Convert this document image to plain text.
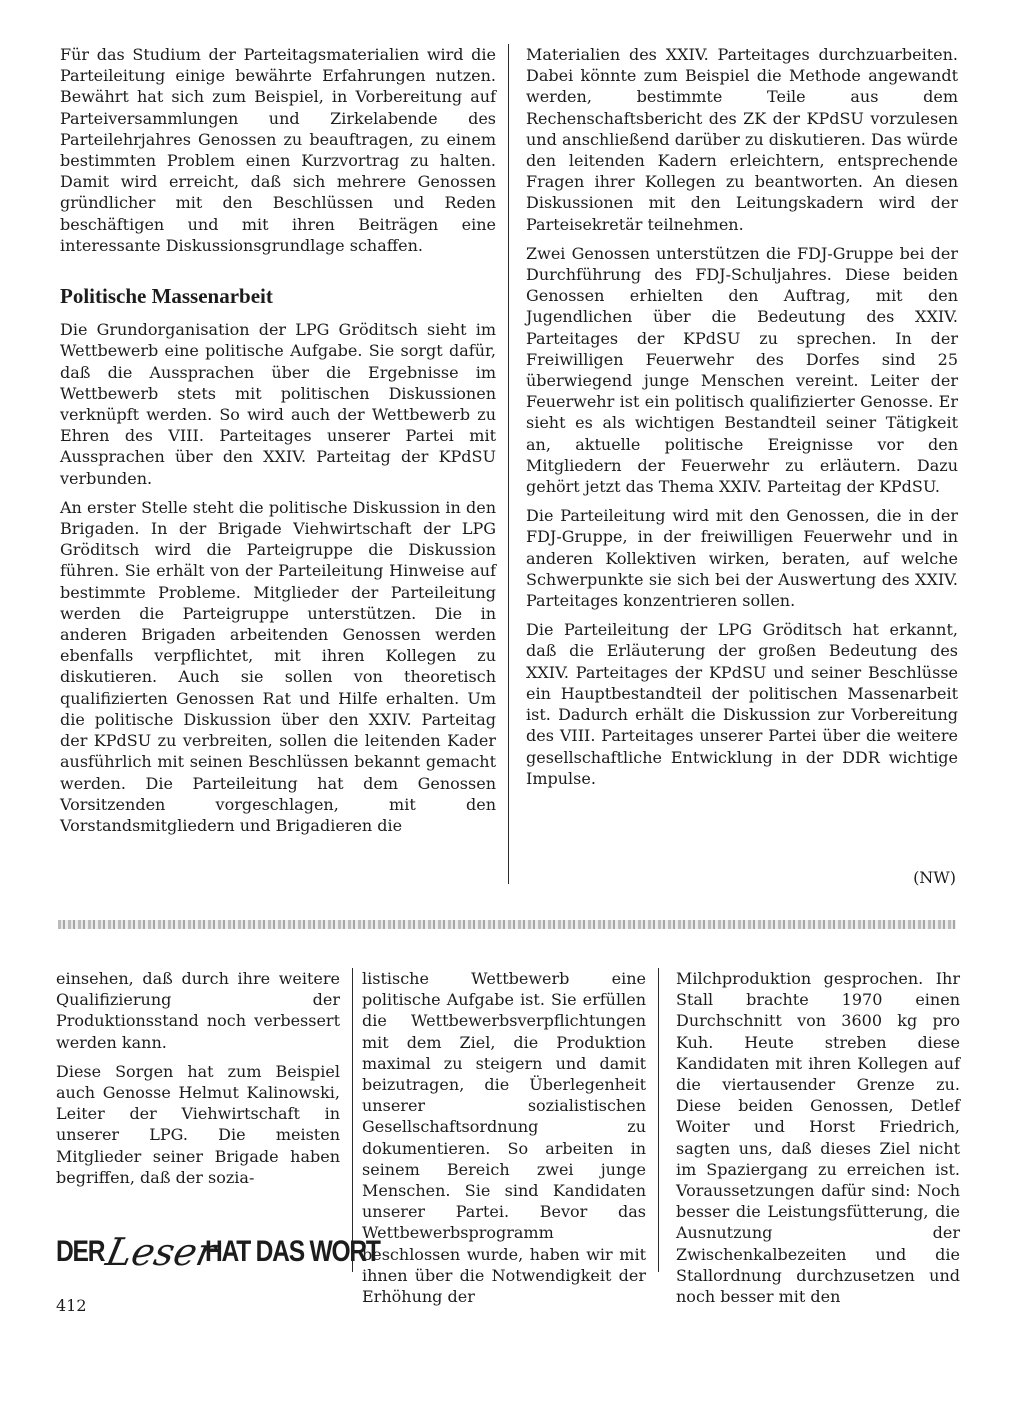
Für das Studium der Parteitagsmaterialien wird die Parteileitung einige bewährte Erfahrungen nutzen. Bewährt hat sich zum Beispiel, in Vorbereitung auf Parteiversammlungen und Zirkelabende des Parteilehrjahres Genossen zu beauftragen, zu einem bestimmten Problem einen Kurzvortrag zu halten. Damit wird erreicht, daß sich mehrere Genossen gründlicher mit den Beschlüssen und Reden beschäftigen und mit ihren Beiträgen eine interessante Diskussionsgrundlage schaffen.

Politische Massenarbeit

Die Grundorganisation der LPG Gröditsch sieht im Wettbewerb eine politische Aufgabe. Sie sorgt dafür, daß die Aussprachen über die Ergebnisse im Wettbewerb stets mit politischen Diskussionen verknüpft werden. So wird auch der Wettbewerb zu Ehren des VIII. Parteitages unserer Partei mit Aussprachen über den XXIV. Parteitag der KPdSU verbunden.

An erster Stelle steht die politische Diskussion in den Brigaden. In der Brigade Viehwirtschaft der LPG Gröditsch wird die Parteigruppe die Diskussion führen. Sie erhält von der Parteileitung Hinweise auf bestimmte Probleme. Mitglieder der Parteileitung werden die Parteigruppe unterstützen. Die in anderen Brigaden arbeitenden Genossen werden ebenfalls verpflichtet, mit ihren Kollegen zu diskutieren. Auch sie sollen von theoretisch qualifizierten Genossen Rat und Hilfe erhalten. Um die politische Diskussion über den XXIV. Parteitag der KPdSU zu verbreiten, sollen die leitenden Kader ausführlich mit seinen Beschlüssen bekannt gemacht werden. Die Parteileitung hat dem Genossen Vorsitzenden vorgeschlagen, mit den Vorstandsmitgliedern und Brigadieren die

Materialien des XXIV. Parteitages durchzuarbeiten. Dabei könnte zum Beispiel die Methode angewandt werden, bestimmte Teile aus dem Rechenschaftsbericht des ZK der KPdSU vorzulesen und anschließend darüber zu diskutieren. Das würde den leitenden Kadern erleichtern, entsprechende Fragen ihrer Kollegen zu beantworten. An diesen Diskussionen mit den Leitungskadern wird der Parteisekretär teilnehmen.

Zwei Genossen unterstützen die FDJ-Gruppe bei der Durchführung des FDJ-Schuljahres. Diese beiden Genossen erhielten den Auftrag, mit den Jugendlichen über die Bedeutung des XXIV. Parteitages der KPdSU zu sprechen. In der Freiwilligen Feuerwehr des Dorfes sind 25 überwiegend junge Menschen vereint. Leiter der Feuerwehr ist ein politisch qualifizierter Genosse. Er sieht es als wichtigen Bestandteil seiner Tätigkeit an, aktuelle politische Ereignisse vor den Mitgliedern der Feuerwehr zu erläutern. Dazu gehört jetzt das Thema XXIV. Parteitag der KPdSU.

Die Parteileitung wird mit den Genossen, die in der FDJ-Gruppe, in der freiwilligen Feuerwehr und in anderen Kollektiven wirken, beraten, auf welche Schwerpunkte sie sich bei der Auswertung des XXIV. Parteitages konzentrieren sollen.

Die Parteileitung der LPG Gröditsch hat erkannt, daß die Erläuterung der großen Bedeutung des XXIV. Parteitages der KPdSU und seiner Beschlüsse ein Hauptbestandteil der politischen Massenarbeit ist. Dadurch erhält die Diskussion zur Vorbereitung des VIII. Parteitages unserer Partei über die weitere gesellschaftliche Entwicklung in der DDR wichtige Impulse.

(NW)

einsehen, daß durch ihre weitere Qualifizierung der Produktionsstand noch verbessert werden kann.

Diese Sorgen hat zum Beispiel auch Genosse Helmut Kalinowski, Leiter der Viehwirtschaft in unserer LPG. Die meisten Mitglieder seiner Brigade haben begriffen, daß der sozia-

listische Wettbewerb eine politische Aufgabe ist. Sie erfüllen die Wettbewerbsverpflichtungen mit dem Ziel, die Produktion maximal zu steigern und damit beizutragen, die Überlegenheit unserer sozialistischen Gesellschaftsordnung zu dokumentieren. So arbeiten in seinem Bereich zwei junge Menschen. Sie sind Kandidaten unserer Partei. Bevor das Wettbewerbsprogramm beschlossen wurde, haben wir mit ihnen über die Notwendigkeit der Erhöhung der

Milchproduktion gesprochen. Ihr Stall brachte 1970 einen Durchschnitt von 3600 kg pro Kuh. Heute streben diese Kandidaten mit ihren Kollegen auf die viertausender Grenze zu. Diese beiden Genossen, Detlef Woiter und Horst Friedrich, sagten uns, daß dieses Ziel nicht im Spaziergang zu erreichen ist. Voraussetzungen dafür sind: Noch besser die Leistungsfütterung, die Ausnutzung der Zwischenkalbezeiten und die Stallordnung durchzusetzen und noch besser mit den

DER
Leser
HAT DAS WORT
412
